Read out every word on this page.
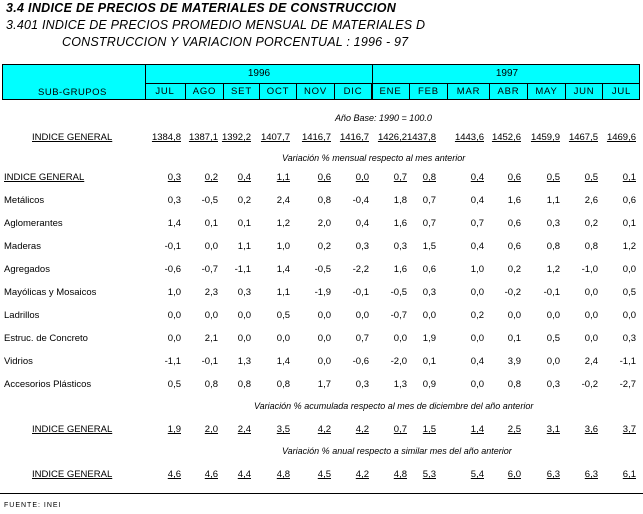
3.4 INDICE DE PRECIOS DE MATERIALES DE CONSTRUCCION
3.401 INDICE DE PRECIOS PROMEDIO MENSUAL DE MATERIALES D
CONSTRUCCION Y VARIACION PORCENTUAL : 1996 - 97
1996	1997
SUB-GRUPOS	JUL	AGO	SET	OCT	NOV	DIC	ENE	FEB	MAR	ABR	MAY	JUN	JUL
Año Base: 1990 = 100.0
INDICE GENERAL	1384,8 1387,1 1392,2	1407,7	1416,7 1416,7 1426,2 1437,8	1443,6 1452,6	1459,9 1467,5 1469,6
Variación % mensual respecto al mes anterior
INDICE GENERAL	0,3	0,2	0,4	1,1	0,6	0,0	0,7	0,8	0,4	0,6	0,5	0,5	0,1
Metálicos	0,3	-0,5	0,2	2,4	0,8	-0,4	1,8	0,7	0,4	1,6	1,1	2,6	0,6
Aglomerantes	1,4	0,1	0,1	1,2	2,0	0,4	1,6	0,7	0,7	0,6	0,3	0,2	0,1
Maderas	-0,1	0,0	1,1	1,0	0,2	0,3	0,3	1,5	0,4	0,6	0,8	0,8	1,2
Agregados	-0,6	-0,7	-1,1	1,4	-0,5	-2,2	1,6	0,6	1,0	0,2	1,2	-1,0	0,0
Mayólicas y Mosaicos	1,0	2,3	0,3	1,1	-1,9	-0,1	-0,5	0,3	0,0	-0,2	-0,1	0,0	0,5
Ladrillos	0,0	0,0	0,0	0,5	0,0	0,0	-0,7	0,0	0,2	0,0	0,0	0,0	0,0
Estruc. de Concreto	0,0	2,1	0,0	0,0	0,0	0,7	0,0	1,9	0,0	0,1	0,5	0,0	0,3
Vidrios	-1,1	-0,1	1,3	1,4	0,0	-0,6	-2,0	0,1	0,4	3,9	0,0	2,4	-1,1
Accesorios Plásticos	0,5	0,8	0,8	0,8	1,7	0,3	1,3	0,9	0,0	0,8	0,3	-0,2	-2,7
Variación % acumulada respecto al mes de diciembre del año anterior
INDICE GENERAL	1,9	2,0	2,4	3,5	4,2	4,2	0,7	1,5	1,4	2,5	3,1	3,6	3,7
Variación % anual respecto a similar mes del año anterior
INDICE GENERAL	4,6	4,6	4,4	4,8	4,5	4,2	4,8	5,3	5,4	6,0	6,3	6,3	6,1
FUENTE: INEI
